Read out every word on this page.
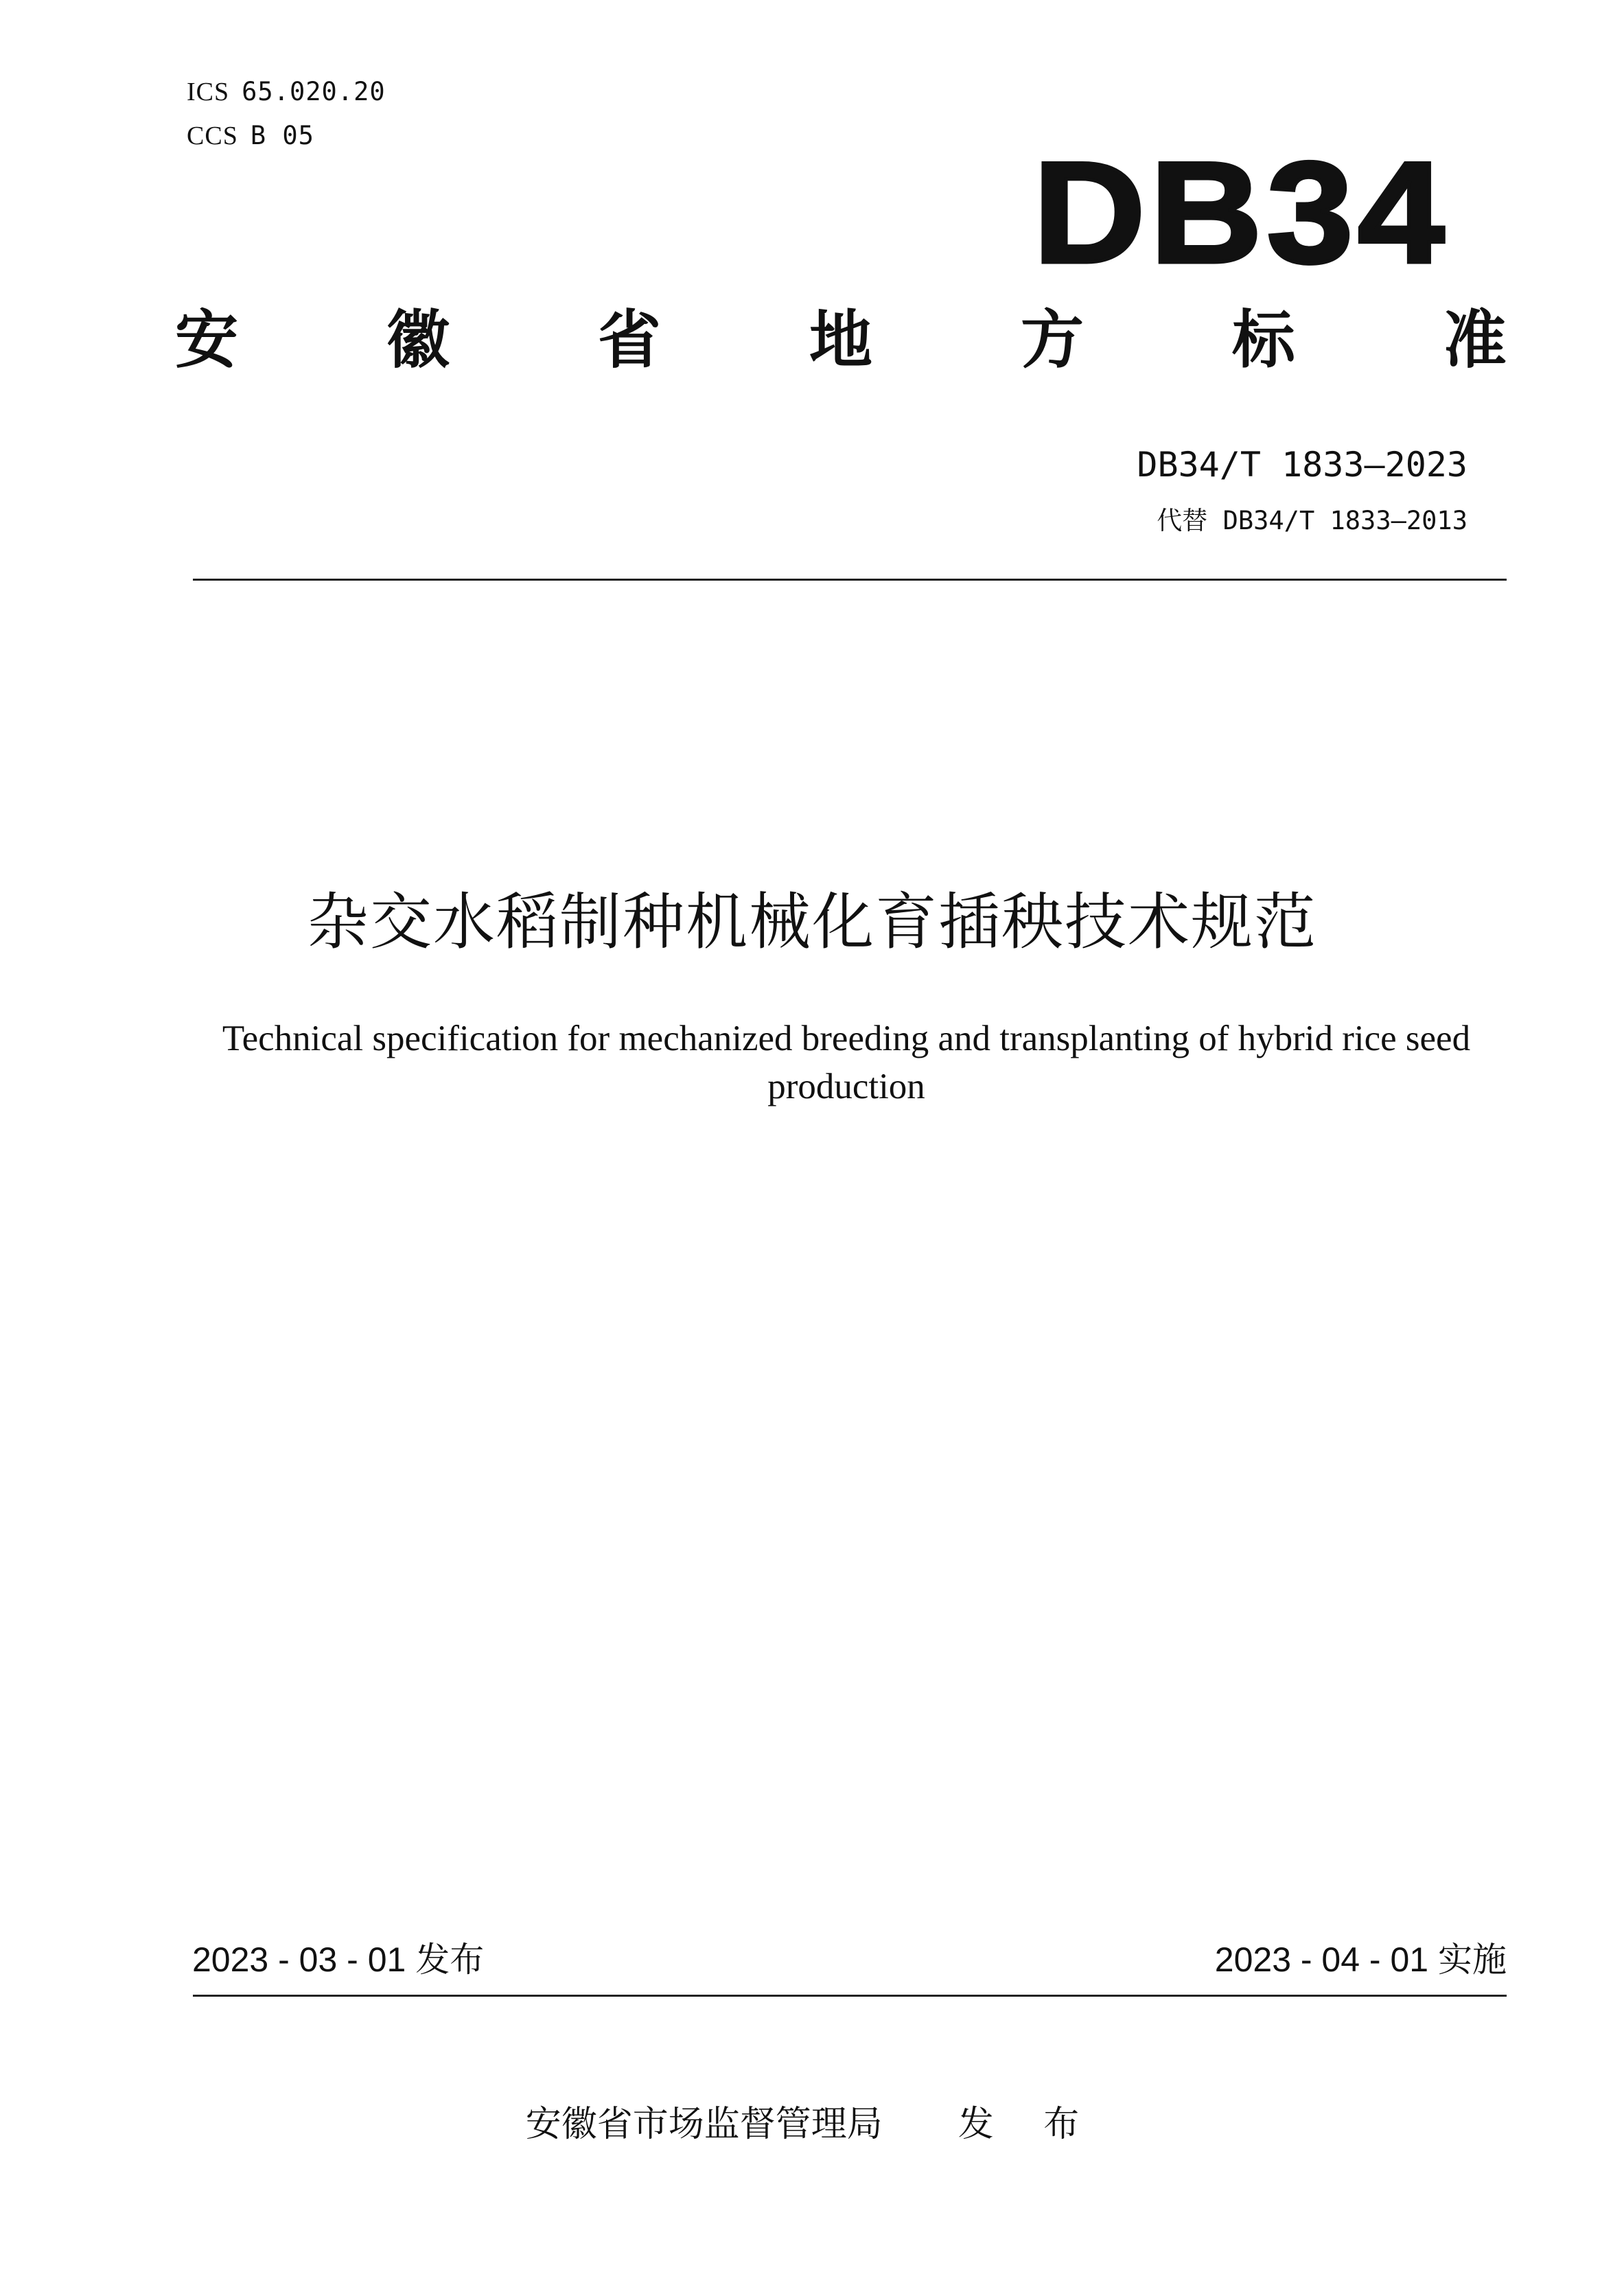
ICS 65.020.20
CCS B 05	DB34
安 徽 省 地 方 标 准
DB34/T 1833—2023
代替 DB34/T 1833—2013
杂交水稻制种机械化育插秧技术规范
Technical specification for mechanized breeding and transplanting of hybrid rice seed production
2023 - 03 - 01 发布	2023 - 04 - 01 实施
安徽省市场监督管理局 发 布
